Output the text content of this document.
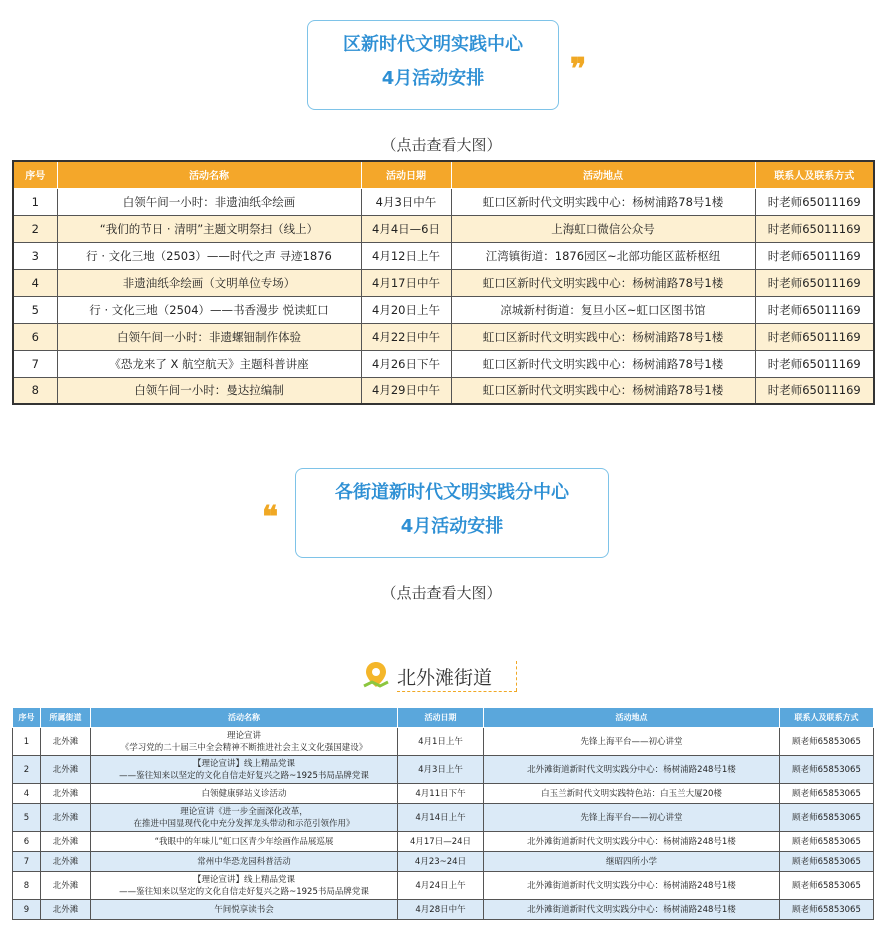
区新时代文明实践中心
4月活动安排	❞
（点击查看大图）
序号	活动名称	活动日期	活动地点	联系人及联系方式
1	白领午间一小时：非遗油纸伞绘画	4月3日中午	虹口区新时代文明实践中心：杨树浦路78号1楼	时老师65011169
2	“我们的节日 · 清明”主题文明祭扫（线上）	4月4日—6日	上海虹口微信公众号	时老师65011169
3	行 · 文化三地（2503）——时代之声 寻迹1876	4月12日上午	江湾镇街道：1876园区~北部功能区蓝桥枢纽	时老师65011169
4	非遗油纸伞绘画（文明单位专场）	4月17日中午	虹口区新时代文明实践中心：杨树浦路78号1楼	时老师65011169
5	行 · 文化三地（2504）——书香漫步 悦读虹口	4月20日上午	凉城新村街道：复旦小区~虹口区图书馆	时老师65011169
6	白领午间一小时：非遗螺钿制作体验	4月22日中午	虹口区新时代文明实践中心：杨树浦路78号1楼	时老师65011169
7	《恐龙来了 X 航空航天》主题科普讲座	4月26日下午	虹口区新时代文明实践中心：杨树浦路78号1楼	时老师65011169
8	白领午间一小时：曼达拉编制	4月29日中午	虹口区新时代文明实践中心：杨树浦路78号1楼	时老师65011169
各街道新时代文明实践分中心
4月活动安排
❝
（点击查看大图）
北外滩街道
序号	所属街道	活动名称	活动日期	活动地点	联系人及联系方式
1	北外滩	理论宣讲
《学习党的二十届三中全会精神不断推进社会主义文化强国建设》	4月1日上午	先锋上海平台——初心讲堂	顾老师65853065
2	北外滩	【理论宣讲】线上精品党课
——鉴往知来以坚定的文化自信走好复兴之路~1925书局品牌党课	4月3日上午	北外滩街道新时代文明实践分中心：杨树浦路248号1楼	顾老师65853065
4	北外滩	白领健康驿站义诊活动	4月11日下午	白玉兰新时代文明实践特色站：白玉兰大厦20楼	顾老师65853065
5	北外滩	理论宣讲《进一步全面深化改革，
在推进中国显现代化中充分发挥龙头带动和示范引领作用》	4月14日上午	先锋上海平台——初心讲堂	顾老师65853065
6	北外滩	“我眼中的年味儿”虹口区青少年绘画作品展巡展	4月17日—24日	北外滩街道新时代文明实践分中心：杨树浦路248号1楼	顾老师65853065
7	北外滩	常州中华恐龙园科普活动	4月23~24日	继昭四所小学	顾老师65853065
8	北外滩	【理论宣讲】线上精品党课
——鉴往知来以坚定的文化自信走好复兴之路~1925书局品牌党课	4月24日上午	北外滩街道新时代文明实践分中心：杨树浦路248号1楼	顾老师65853065
9	北外滩	午间悦享读书会	4月28日中午	北外滩街道新时代文明实践分中心：杨树浦路248号1楼	顾老师65853065
